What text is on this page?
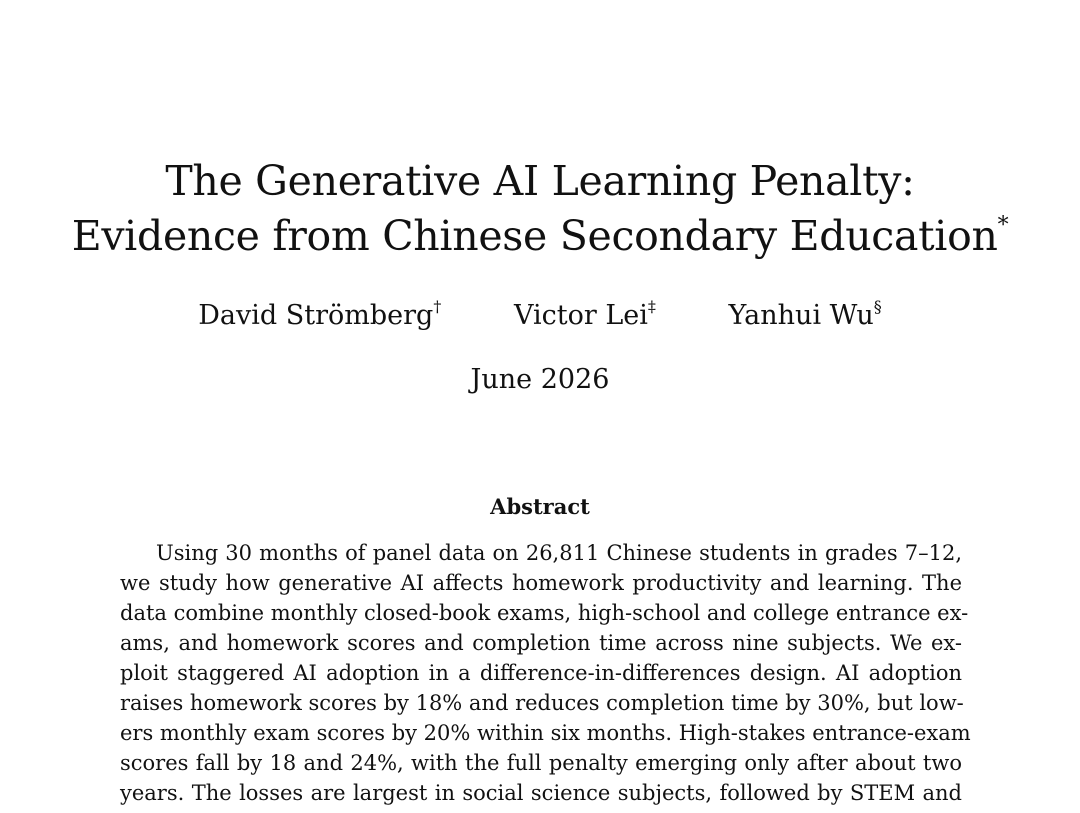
The Generative AI Learning Penalty:
Evidence from Chinese Secondary Education*
David Strömberg†	Victor Lei‡	Yanhui Wu§
June 2026
Abstract
Using 30 months of panel data on 26,811 Chinese students in grades 7–12,
we study how generative AI affects homework productivity and learning. The
data combine monthly closed-book exams, high-school and college entrance ex-
ams, and homework scores and completion time across nine subjects. We ex-
ploit staggered AI adoption in a difference-in-differences design. AI adoption
raises homework scores by 18% and reduces completion time by 30%, but low-
ers monthly exam scores by 20% within six months. High-stakes entrance-exam
scores fall by 18 and 24%, with the full penalty emerging only after about two
years. The losses are largest in social science subjects, followed by STEM and
